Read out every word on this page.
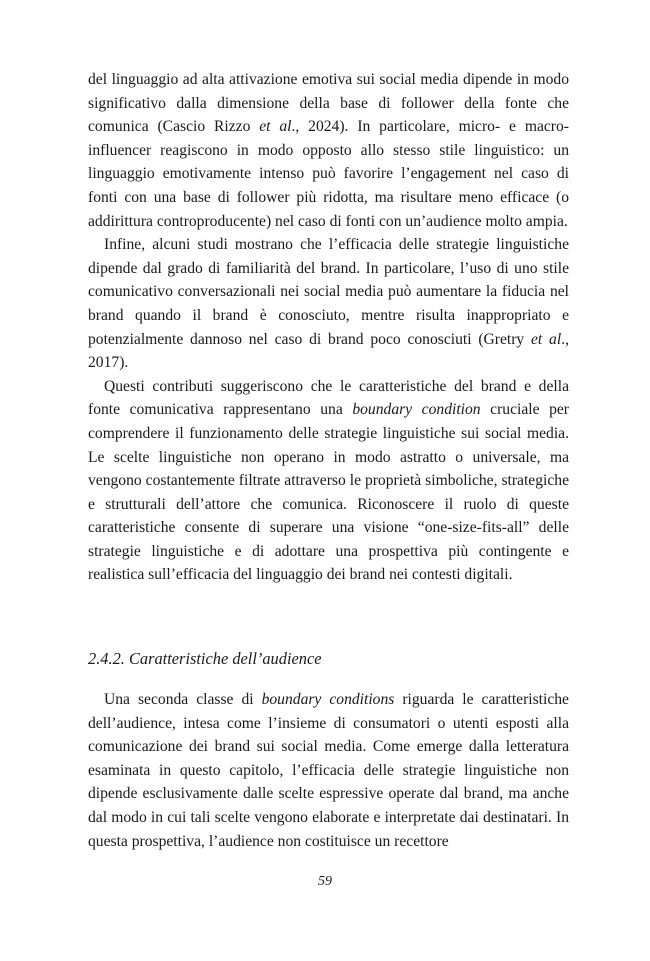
del linguaggio ad alta attivazione emotiva sui social media dipende in modo significativo dalla dimensione della base di follower della fonte che comunica (Cascio Rizzo et al., 2024). In particolare, micro- e macro-influencer reagiscono in modo opposto allo stesso stile linguistico: un linguaggio emotivamente intenso può favorire l’engagement nel caso di fonti con una base di follower più ridotta, ma risultare meno efficace (o addirittura controproducente) nel caso di fonti con un’audience molto ampia.

Infine, alcuni studi mostrano che l’efficacia delle strategie linguistiche dipende dal grado di familiarità del brand. In particolare, l’uso di uno stile comunicativo conversazionali nei social media può aumentare la fiducia nel brand quando il brand è conosciuto, mentre risulta inappropriato e potenzialmente dannoso nel caso di brand poco conosciuti (Gretry et al., 2017).

Questi contributi suggeriscono che le caratteristiche del brand e della fonte comunicativa rappresentano una boundary condition cruciale per comprendere il funzionamento delle strategie linguistiche sui social media. Le scelte linguistiche non operano in modo astratto o universale, ma vengono costantemente filtrate attraverso le proprietà simboliche, strategiche e strutturali dell’attore che comunica. Riconoscere il ruolo di queste caratteristiche consente di superare una visione “one-size-fits-all” delle strategie linguistiche e di adottare una prospettiva più contingente e realistica sull’efficacia del linguaggio dei brand nei contesti digitali.

2.4.2. Caratteristiche dell’audience

Una seconda classe di boundary conditions riguarda le caratteristiche dell’audience, intesa come l’insieme di consumatori o utenti esposti alla comunicazione dei brand sui social media. Come emerge dalla letteratura esaminata in questo capitolo, l’efficacia delle strategie linguistiche non dipende esclusivamente dalle scelte espressive operate dal brand, ma anche dal modo in cui tali scelte vengono elaborate e interpretate dai destinatari. In questa prospettiva, l’audience non costituisce un recettore

59
